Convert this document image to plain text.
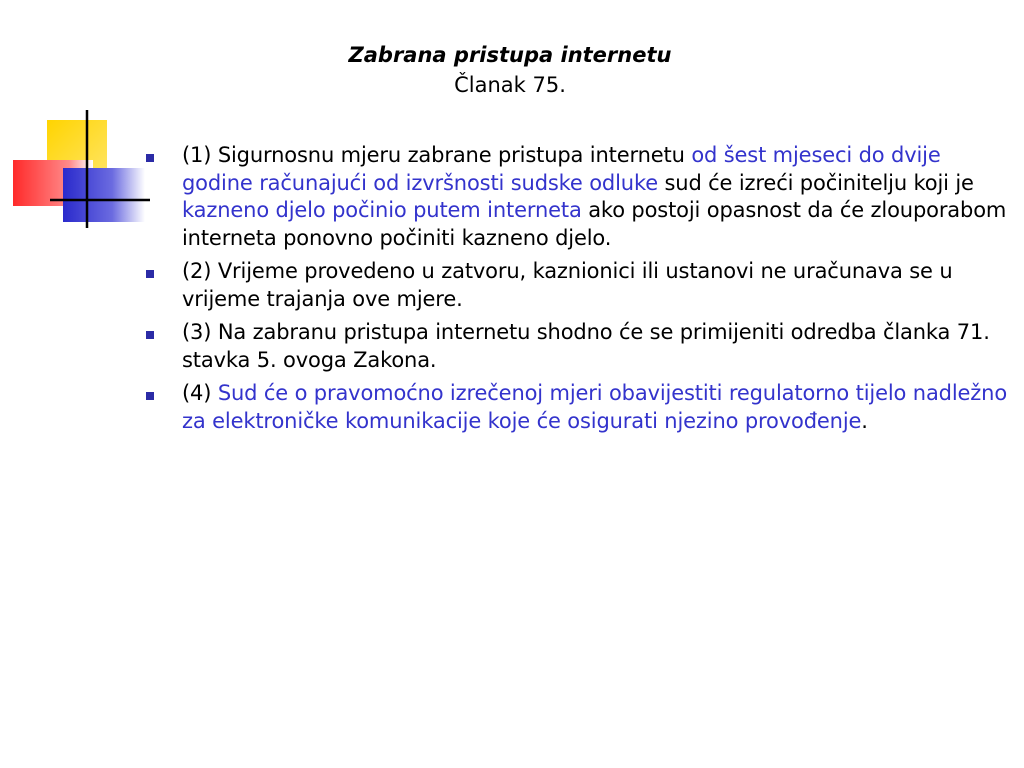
Zabrana pristupa internetu
Članak 75.
(1) Sigurnosnu mjeru zabrane pristupa internetu od šest mjeseci do dvije godine računajući od izvršnosti sudske odluke sud će izreći počinitelju koji je kazneno djelo počinio putem interneta ako postoji opasnost da će zlouporabom interneta ponovno počiniti kazneno djelo.
(2) Vrijeme provedeno u zatvoru, kaznionici ili ustanovi ne uračunava se u vrijeme trajanja ove mjere.
(3) Na zabranu pristupa internetu shodno će se primijeniti odredba članka 71. stavka 5. ovoga Zakona.
(4) Sud će o pravomoćno izrečenoj mjeri obavijestiti regulatorno tijelo nadležno za elektroničke komunikacije koje će osigurati njezino provođenje.
